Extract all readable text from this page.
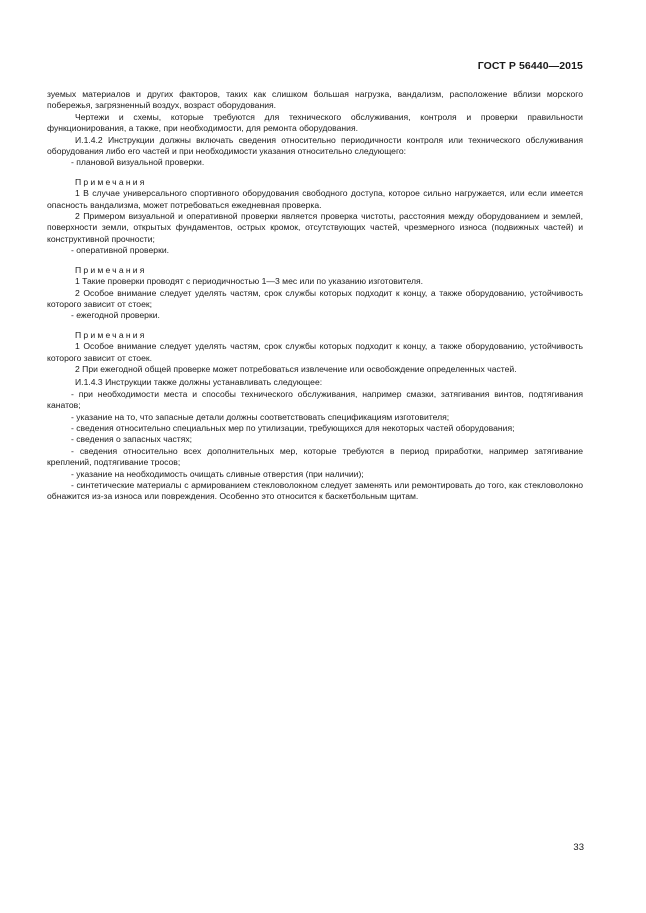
ГОСТ Р 56440—2015

зуемых материалов и других факторов, таких как слишком большая нагрузка, вандализм, расположение вблизи морского побережья, загрязненный воздух, возраст оборудования.

Чертежи и схемы, которые требуются для технического обслуживания, контроля и проверки правильности функционирования, а также, при необходимости, для ремонта оборудования.

И.1.4.2 Инструкции должны включать сведения относительно периодичности контроля или технического обслуживания оборудования либо его частей и при необходимости указания относительно следующего:

- плановой визуальной проверки.

Примечания

1 В случае универсального спортивного оборудования свободного доступа, которое сильно нагружается, или если имеется опасность вандализма, может потребоваться ежедневная проверка.

2 Примером визуальной и оперативной проверки является проверка чистоты, расстояния между оборудованием и землей, поверхности земли, открытых фундаментов, острых кромок, отсутствующих частей, чрезмерного износа (подвижных частей) и конструктивной прочности;

- оперативной проверки.

Примечания

1 Такие проверки проводят с периодичностью 1—3 мес или по указанию изготовителя.

2 Особое внимание следует уделять частям, срок службы которых подходит к концу, а также оборудованию, устойчивость которого зависит от стоек;

- ежегодной проверки.

Примечания

1 Особое внимание следует уделять частям, срок службы которых подходит к концу, а также оборудованию, устойчивость которого зависит от стоек.

2 При ежегодной общей проверке может потребоваться извлечение или освобождение определенных частей.

И.1.4.3 Инструкции также должны устанавливать следующее:

- при необходимости места и способы технического обслуживания, например смазки, затягивания винтов, подтягивания канатов;

- указание на то, что запасные детали должны соответствовать спецификациям изготовителя;

- сведения относительно специальных мер по утилизации, требующихся для некоторых частей оборудования;

- сведения о запасных частях;

- сведения относительно всех дополнительных мер, которые требуются в период приработки, например затягивание креплений, подтягивание тросов;

- указание на необходимость очищать сливные отверстия (при наличии);

- синтетические материалы с армированием стекловолокном следует заменять или ремонтировать до того, как стекловолокно обнажится из-за износа или повреждения. Особенно это относится к баскетбольным щитам.

33
